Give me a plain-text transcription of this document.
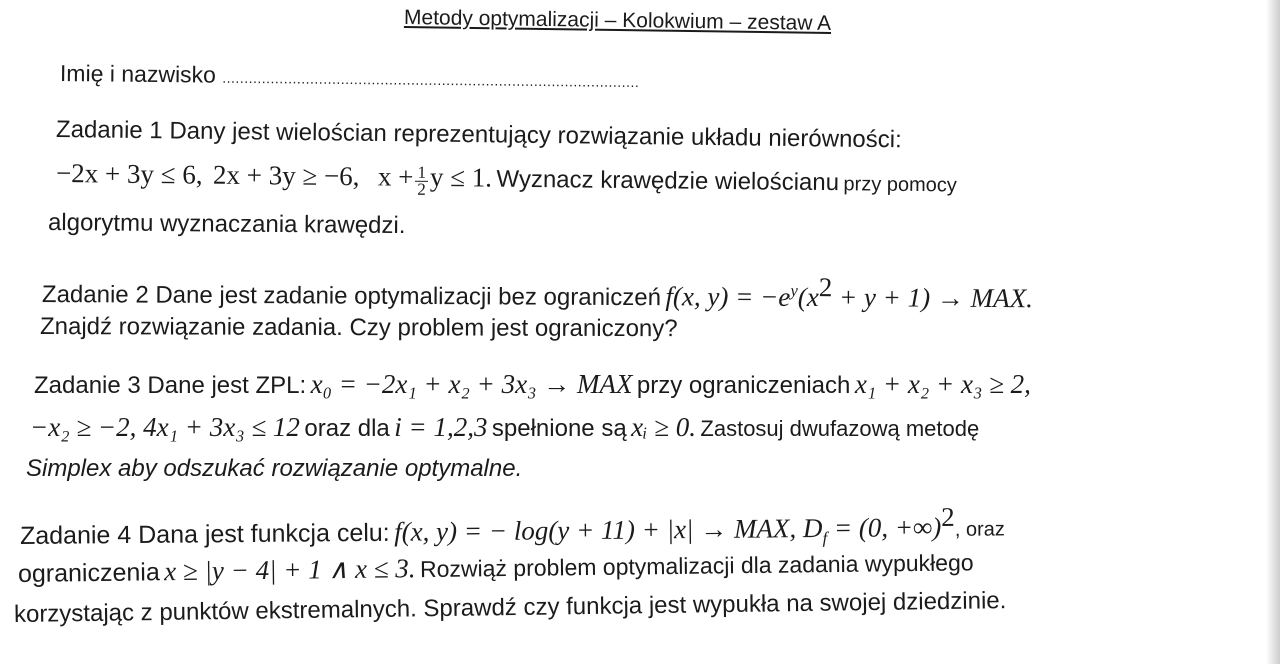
Metody optymalizacji – Kolokwium – zestaw A
Imię i nazwisko ...............................................................................................
Zadanie 1 Dany jest wielościan reprezentujący rozwiązanie układu nierówności:
−2x + 3y ≤ 6, 2x + 3y ≥ −6, $x + \frac{1}{2}$ y ≤ 1. Wyznacz krawędzie wielościanu przy pomocy
algorytmu wyznaczania krawędzi.
Zadanie 2 Dane jest zadanie optymalizacji bez ograniczeń f(x, $y) = -e^y(x^2 + y + 1)$ → MAX.
Znajdź rozwiązanie zadania. Czy problem jest ograniczony?
Zadanie 3 Dane jest ZPL: x₀ = −2x₁ + x₂ + 3x₃ → MAX przy ograniczeniach x₁ + x₂ + x₃ ≥ 2,
−x₂ ≥ −2, 4x₁ + 3x₃ ≤ 12 oraz dla i = 1,2,3 spełnione są xᵢ ≥ 0. Zastosuj dwufazową metodę
Simplex aby odszukać rozwiązanie optymalne.
Zadanie 4 Dana jest funkcja celu: f(x, y) = − log(y + 11) + |x| → MAX, $D_f = (0$, +∞)$^2$, oraz
ograniczenia x ≥ |y − 4| + 1 ∧ x ≤ 3. Rozwiąż problem optymalizacji dla zadania wypukłego
korzystając z punktów ekstremalnych. Sprawdź czy funkcja jest wypukła na swojej dziedzinie.
